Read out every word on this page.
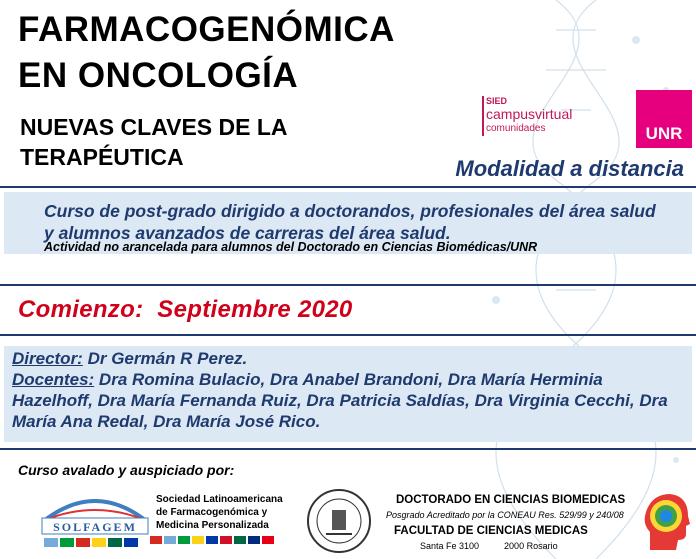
FARMACOGENÓMICA
EN ONCOLOGÍA
NUEVAS CLAVES DE LA
TERAPÉUTICA
SIED
campusvirtual
comunidades	UNR
Modalidad a distancia
Curso de post-grado dirigido a doctorandos, profesionales del área salud y alumnos avanzados de carreras del área salud.
Actividad no arancelada para alumnos del Doctorado en Ciencias Biomédicas/UNR
Comienzo:  Septiembre 2020
Director: Dr Germán R Perez.
Docentes: Dra Romina Bulacio, Dra Anabel Brandoni, Dra María Herminia Hazelhoff, Dra María Fernanda Ruiz, Dra Patricia Saldías, Dra Virginia Cecchi, Dra María Ana Redal, Dra María José Rico.
Curso avalado y auspiciado por:
SOLFAGEM
Sociedad Latinoamericana
de Farmacogenómica y
Medicina Personalizada
DOCTORADO EN CIENCIAS BIOMEDICAS
Posgrado Acreditado por la CONEAU Res. 529/99 y 240/08
FACULTAD DE CIENCIAS MEDICAS
Santa Fe 3100          2000 Rosario
